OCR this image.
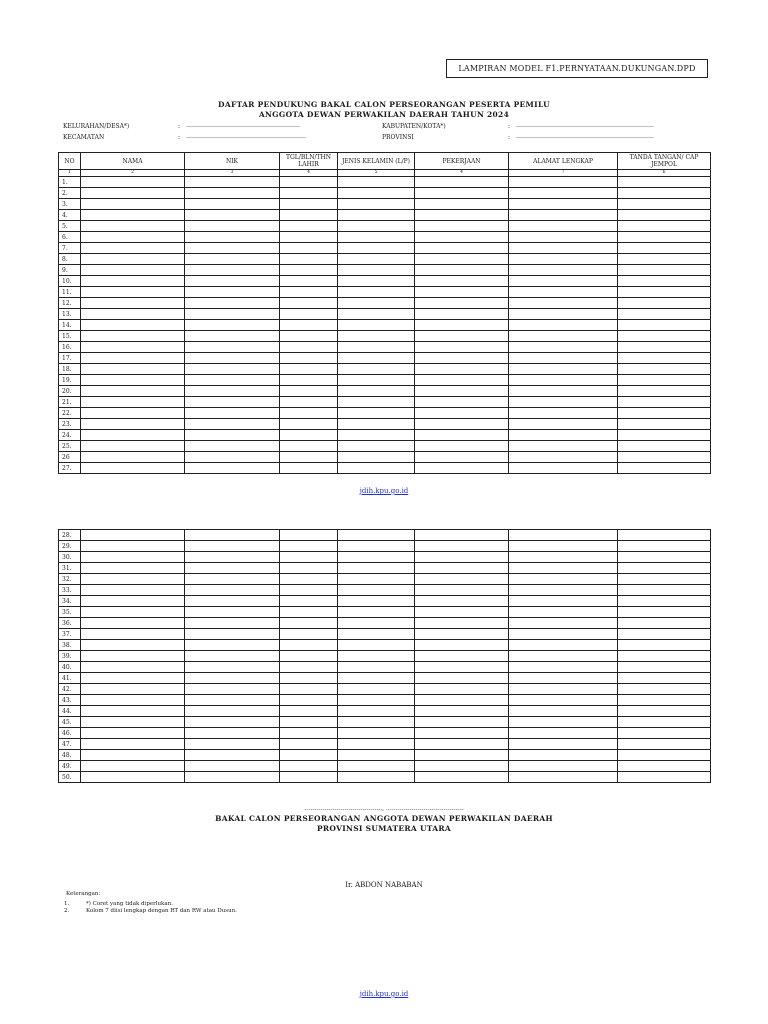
LAMPIRAN MODEL F1.PERNYATAAN.DUKUNGAN.DPD
DAFTAR PENDUKUNG BAKAL CALON PERSEORANGAN PESERTA PEMILU
ANGGOTA DEWAN PERWAKILAN DAERAH TAHUN 2024
KELURAHAN/DESA*)	: …………………………………………………
KECAMATAN	: ……………………………………………………
KABUPATEN/KOTA*)	: ……………………………………………………………
PROVINSI	: ……………………………………………………………
NO	NAMA	NIK	TGL/BLN/THN LAHIR	JENIS KELAMIN (L/P)	PEKERJAAN	ALAMAT LENGKAP	TANDA TANGAN/ CAP JEMPOL
1	2	3	4	5	4	7	6
1.							
2.							
3.							
4.							
5.							
6.							
7.							
8.							
9.							
10.							
11.							
12.							
13.							
14.							
15.							
16.							
17.							
18.							
19.							
20.							
21.							
22.							
23.							
24.							
25.							
26							
27.							
jdih.kpu.go.id
28.							
29.							
30.							
31.							
32.							
33.							
34.							
35.							
36.							
37.							
38.							
39.							
40.							
41.							
42.							
43.							
44.							
45.							
46.							
47.							
48.							
49.							
50.							
…………………………………, …………………………………
BAKAL CALON PERSEORANGAN ANGGOTA DEWAN PERWAKILAN DAERAH
PROVINSI SUMATERA UTARA
Ir. ABDON NABABAN
Keterangan:
1.	*) Coret yang tidak diperlukan.
2.	Kolom 7 diisi lengkap dengan RT dan RW atau Dusun.
jdih.kpu.go.id
